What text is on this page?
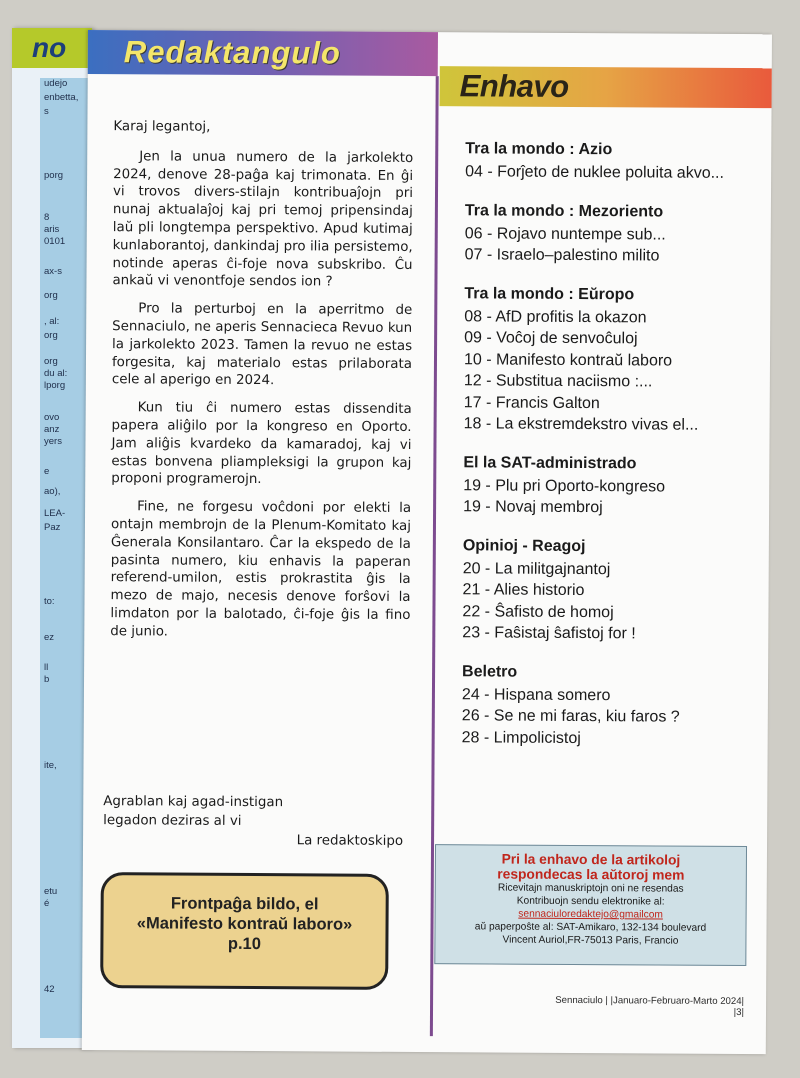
no
udejo
enbetta,
s
porg
8
aris
0101
ax-s
org
, al:
org
org
du al:
lporg
ovo
anz
yers
e
ao),
LEA-
Paz
to:
ez
ll
b
ite,
etu
é
42
Redaktangulo
Enhavo

Karaj legantoj,

Jen la unua numero de la jarkolekto 2024, denove 28-paĝa kaj trimonata. En ĝi vi trovos divers-stilajn kontribuaĵojn pri nunaj aktualaĵoj kaj pri temoj pripensindaj laŭ pli longtempa perspektivo. Apud kutimaj kunlaborantoj, dankindaj pro ilia persistemo, notinde aperas ĉi-foje nova subskribo. Ĉu ankaŭ vi venontfoje sendos ion ?

Pro la perturboj en la aperritmo de Sennaciulo, ne aperis Sennacieca Revuo kun la jarkolekto 2023. Tamen la revuo ne estas forgesita, kaj materialo estas prilaborata cele al aperigo en 2024.

Kun tiu ĉi numero estas dissendita papera aliĝilo por la kongreso en Oporto. Jam aliĝis kvardeko da kamaradoj, kaj vi estas bonvena pliampleksigi la grupon kaj proponi programerojn.

Fine, ne forgesu voĉdoni por elekti la ontajn membrojn de la Plenum-Komitato kaj Ĝenerala Konsilantaro. Ĉar la ekspedo de la pasinta numero, kiu enhavis la paperan referend-umilon, estis prokrastita ĝis la mezo de majo, necesis denove forŝovi la limdaton por la balotado, ĉi-foje ĝis la fino de junio.

Agrablan kaj agad-instigan
legadon deziras al vi
La redaktoskipo
Frontpaĝa bildo, el
«Manifesto kontraŭ laboro»
p.10
Tra la mondo : Azio
04 - Forĵeto de nuklee poluita akvo...
Tra la mondo : Mezoriento
06 - Rojavo nuntempe sub...
07 - Israelo–palestino milito
Tra la mondo : Eŭropo
08 - AfD profitis la okazon
09 - Voĉoj de senvoĉuloj
10 - Manifesto kontraŭ laboro
12 - Substitua naciismo :...
17 - Francis Galton
18 - La ekstremdekstro vivas el...
El la SAT-administrado
19 - Plu pri Oporto-kongreso
19 - Novaj membroj
Opinioj - Reagoj
20 - La militgajnantoj
21 - Alies historio
22 - Ŝafisto de homoj
23 - Faŝistaj ŝafistoj for !
Beletro
24 - Hispana somero
26 - Se ne mi faras, kiu faros ?
28 - Limpolicistoj
Pri la enhavo de la artikoloj
respondecas la aŭtoroj mem
Ricevitajn manuskriptojn oni ne resendas
Kontribuojn sendu elektronike al:
sennaciuloredaktejo@gmailcom
aŭ paperpoŝte al: SAT-Amikaro, 132-134 boulevard
Vincent Auriol,FR-75013 Paris, Francio
Sennaciulo | |Januaro-Februaro-Marto 2024| |3|
